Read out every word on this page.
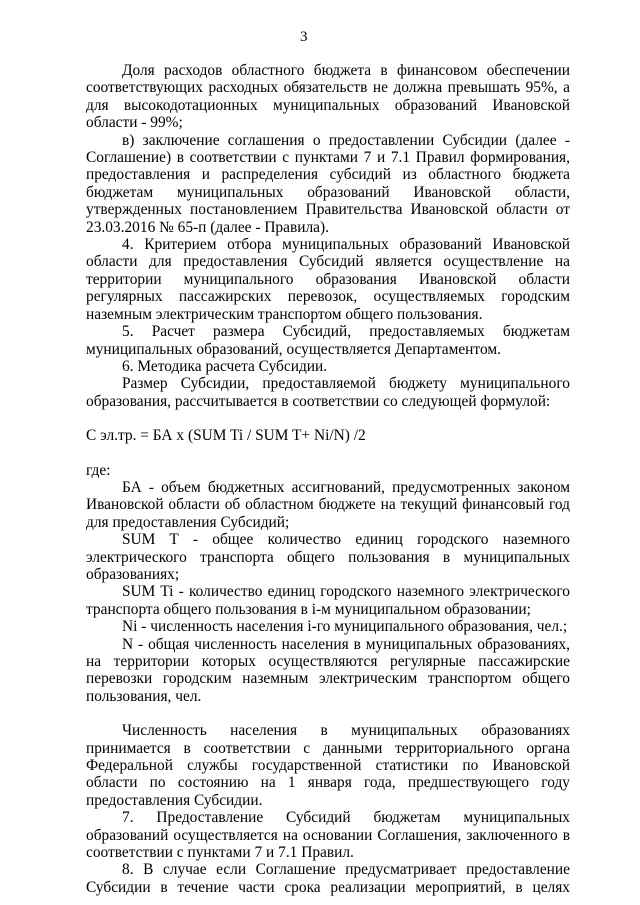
3

Доля расходов областного бюджета в финансовом обеспечении соответствующих расходных обязательств не должна превышать 95%, а для высокодотационных муниципальных образований Ивановской области - 99%;

в) заключение соглашения о предоставлении Субсидии (далее - Соглашение) в соответствии с пунктами 7 и 7.1 Правил формирования, предоставления и распределения субсидий из областного бюджета бюджетам муниципальных образований Ивановской области, утвержденных постановлением Правительства Ивановской области от 23.03.2016 № 65-п (далее - Правила).

4. Критерием отбора муниципальных образований Ивановской области для предоставления Субсидий является осуществление на территории муниципального образования Ивановской области регулярных пассажирских перевозок, осуществляемых городским наземным электрическим транспортом общего пользования.

5. Расчет размера Субсидий, предоставляемых бюджетам муниципальных образований, осуществляется Департаментом.

6. Методика расчета Субсидии.

Размер Субсидии, предоставляемой бюджету муниципального образования, рассчитывается в соответствии со следующей формулой:

С эл.тр. = БА x (SUM Ti / SUM T+ Ni/N) /2

где:

БА - объем бюджетных ассигнований, предусмотренных законом Ивановской области об областном бюджете на текущий финансовый год для предоставления Субсидий;

SUM T - общее количество единиц городского наземного электрического транспорта общего пользования в муниципальных образованиях;

SUM Ti - количество единиц городского наземного электрического транспорта общего пользования в i-м муниципальном образовании;

Ni - численность населения i-го муниципального образования, чел.;

N - общая численность населения в муниципальных образованиях, на территории которых осуществляются регулярные пассажирские перевозки городским наземным электрическим транспортом общего пользования, чел.

Численность населения в муниципальных образованиях принимается в соответствии с данными территориального органа Федеральной службы государственной статистики по Ивановской области по состоянию на 1 января года, предшествующего году предоставления Субсидии.

7. Предоставление Субсидий бюджетам муниципальных образований осуществляется на основании Соглашения, заключенного в соответствии с пунктами 7 и 7.1 Правил.

8. В случае если Соглашение предусматривает предоставление Субсидии в течение части срока реализации мероприятий, в целях
